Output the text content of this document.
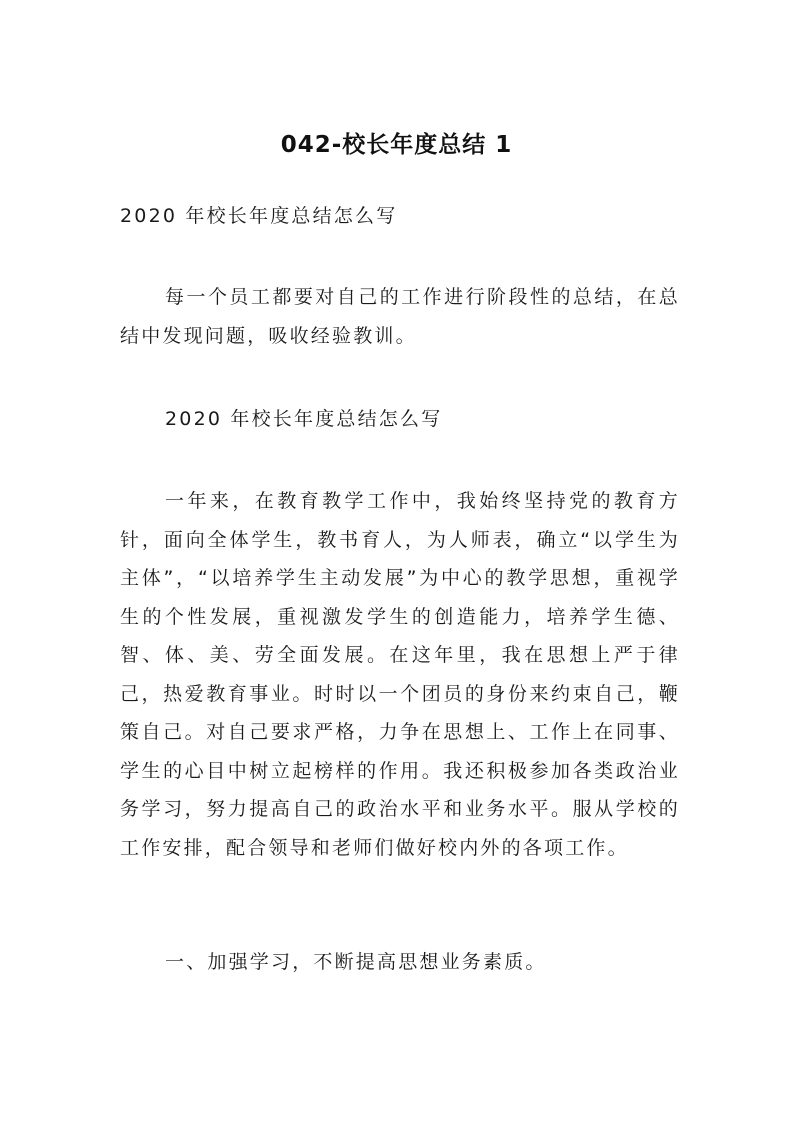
042-校长年度总结 1

2020 年校长年度总结怎么写

每一个员工都要对自己的工作进行阶段性的总结，在总结中发现问题，吸收经验教训。

2020 年校长年度总结怎么写

一年来，在教育教学工作中，我始终坚持党的教育方针，面向全体学生，教书育人，为人师表，确立“以学生为主体”，“以培养学生主动发展”为中心的教学思想，重视学生的个性发展，重视激发学生的创造能力，培养学生德、智、体、美、劳全面发展。在这年里，我在思想上严于律己，热爱教育事业。时时以一个团员的身份来约束自己，鞭策自己。对自己要求严格，力争在思想上、工作上在同事、学生的心目中树立起榜样的作用。我还积极参加各类政治业务学习，努力提高自己的政治水平和业务水平。服从学校的工作安排，配合领导和老师们做好校内外的各项工作。

一、加强学习，不断提高思想业务素质。
